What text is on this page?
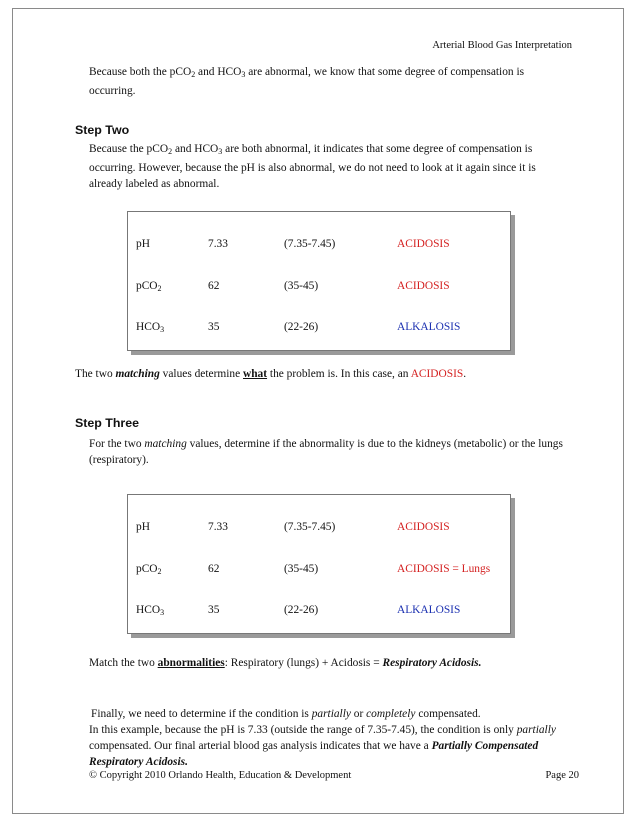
Arterial Blood Gas Interpretation
Because both the pCO$_2$ and $HCO_3$ are abnormal, we know that some degree of compensation is occurring.
Step Two
Because the pCO$_2$ and $HCO_3$ are both abnormal, it indicates that some degree of compensation is occurring. However, because the pH is also abnormal, we do not need to look at it again since it is already labeled as abnormal.
pH	7.33	(7.35-7.45)	ACIDOSIS
pCO$_2$	62	(35-45)	ACIDOSIS
$HCO_3$	35	(22-26)	ALKALOSIS
The two matching values determine what the problem is. In this case, an ACIDOSIS.
Step Three
For the two matching values, determine if the abnormality is due to the kidneys (metabolic) or the lungs (respiratory).
pH	7.33	(7.35-7.45)	ACIDOSIS
pCO$_2$	62	(35-45)	ACIDOSIS = Lungs
$HCO_3$	35	(22-26)	ALKALOSIS
Match the two abnormalities: Respiratory (lungs) + Acidosis = Respiratory Acidosis.
Finally, we need to determine if the condition is partially or completely compensated.
In this example, because the pH is 7.33 (outside the range of 7.35-7.45), the condition is only partially compensated. Our final arterial blood gas analysis indicates that we have a Partially Compensated Respiratory Acidosis.
© Copyright 2010 Orlando Health, Education & Development	Page 20
